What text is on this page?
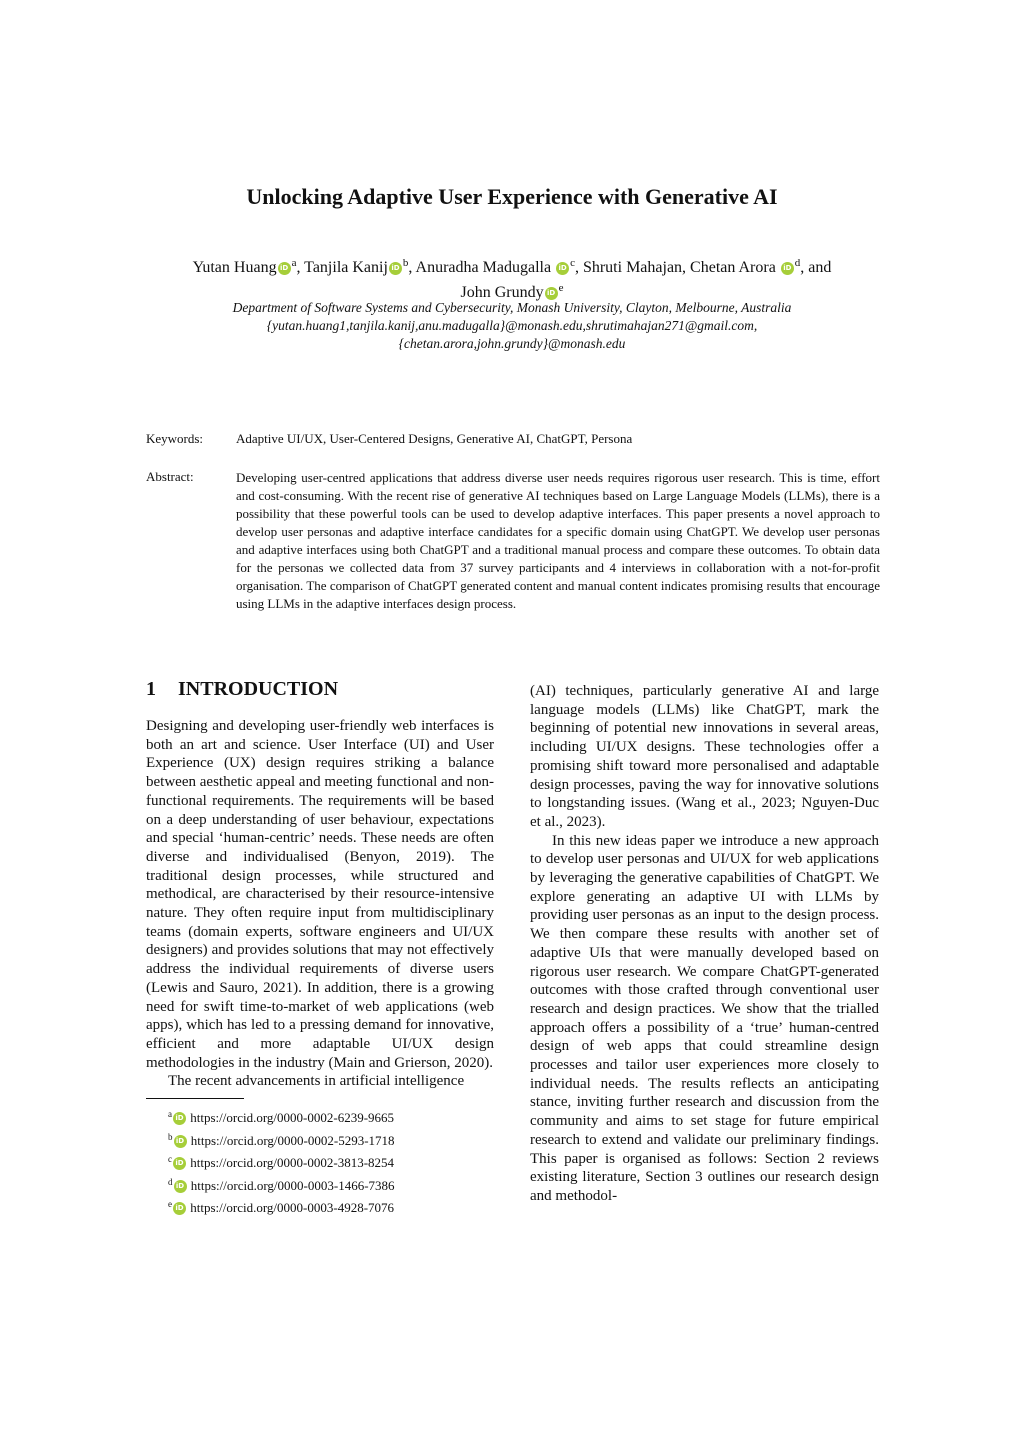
Unlocking Adaptive User Experience with Generative AI
Yutan Huang iD $^a$, Tanjila Kanij iD $^b$, Anuradha Madugalla iD $^c$, Shruti Mahajan, Chetan Arora iD $^d$, and
John Grundy iD $^e$
Department of Software Systems and Cybersecurity, Monash University, Clayton, Melbourne, Australia
{yutan.huang1,tanjila.kanij,anu.madugalla}@monash.edu,shrutimahajan271@gmail.com,
{chetan.arora,john.grundy}@monash.edu
Keywords:	Adaptive UI/UX, User-Centered Designs, Generative AI, ChatGPT, Persona
Abstract:	Developing user-centred applications that address diverse user needs requires rigorous user research. This is time, effort and cost-consuming. With the recent rise of generative AI techniques based on Large Language Models (LLMs), there is a possibility that these powerful tools can be used to develop adaptive interfaces. This paper presents a novel approach to develop user personas and adaptive interface candidates for a specific domain using ChatGPT. We develop user personas and adaptive interfaces using both ChatGPT and a traditional manual process and compare these outcomes. To obtain data for the personas we collected data from 37 survey participants and 4 interviews in collaboration with a not-for-profit organisation. The comparison of ChatGPT generated content and manual content indicates promising results that encourage using LLMs in the adaptive interfaces design process.
1 INTRODUCTION

Designing and developing user-friendly web interfaces is both an art and science. User Interface (UI) and User Experience (UX) design requires striking a balance between aesthetic appeal and meeting functional and non-functional requirements. The requirements will be based on a deep understanding of user behaviour, expectations and special ‘human-centric’ needs. These needs are often diverse and individualised (Benyon, 2019). The traditional design processes, while structured and methodical, are characterised by their resource-intensive nature. They often require input from multidisciplinary teams (domain experts, software engineers and UI/UX designers) and provides solutions that may not effectively address the individual requirements of diverse users (Lewis and Sauro, 2021). In addition, there is a growing need for swift time-to-market of web applications (web apps), which has led to a pressing demand for innovative, efficient and more adaptable UI/UX design methodologies in the industry (Main and Grierson, 2020).

The recent advancements in artificial intelligence

$^a$ iD https://orcid.org/0000-0002-6239-9665
$^b$ iD https://orcid.org/0000-0002-5293-1718
$^c$ iD https://orcid.org/0000-0002-3813-8254
$^d$ iD https://orcid.org/0000-0003-1466-7386
$^e$ iD https://orcid.org/0000-0003-4928-7076

(AI) techniques, particularly generative AI and large language models (LLMs) like ChatGPT, mark the beginning of potential new innovations in several areas, including UI/UX designs. These technologies offer a promising shift toward more personalised and adaptable design processes, paving the way for innovative solutions to longstanding issues. (Wang et al., 2023; Nguyen-Duc et al., 2023).

In this new ideas paper we introduce a new approach to develop user personas and UI/UX for web applications by leveraging the generative capabilities of ChatGPT. We explore generating an adaptive UI with LLMs by providing user personas as an input to the design process. We then compare these results with another set of adaptive UIs that were manually developed based on rigorous user research. We compare ChatGPT-generated outcomes with those crafted through conventional user research and design practices. We show that the trialled approach offers a possibility of a ‘true’ human-centred design of web apps that could streamline design processes and tailor user experiences more closely to individual needs. The results reflects an anticipating stance, inviting further research and discussion from the community and aims to set stage for future empirical research to extend and validate our preliminary findings. This paper is organised as follows: Section 2 reviews existing literature, Section 3 outlines our research design and methodol-
